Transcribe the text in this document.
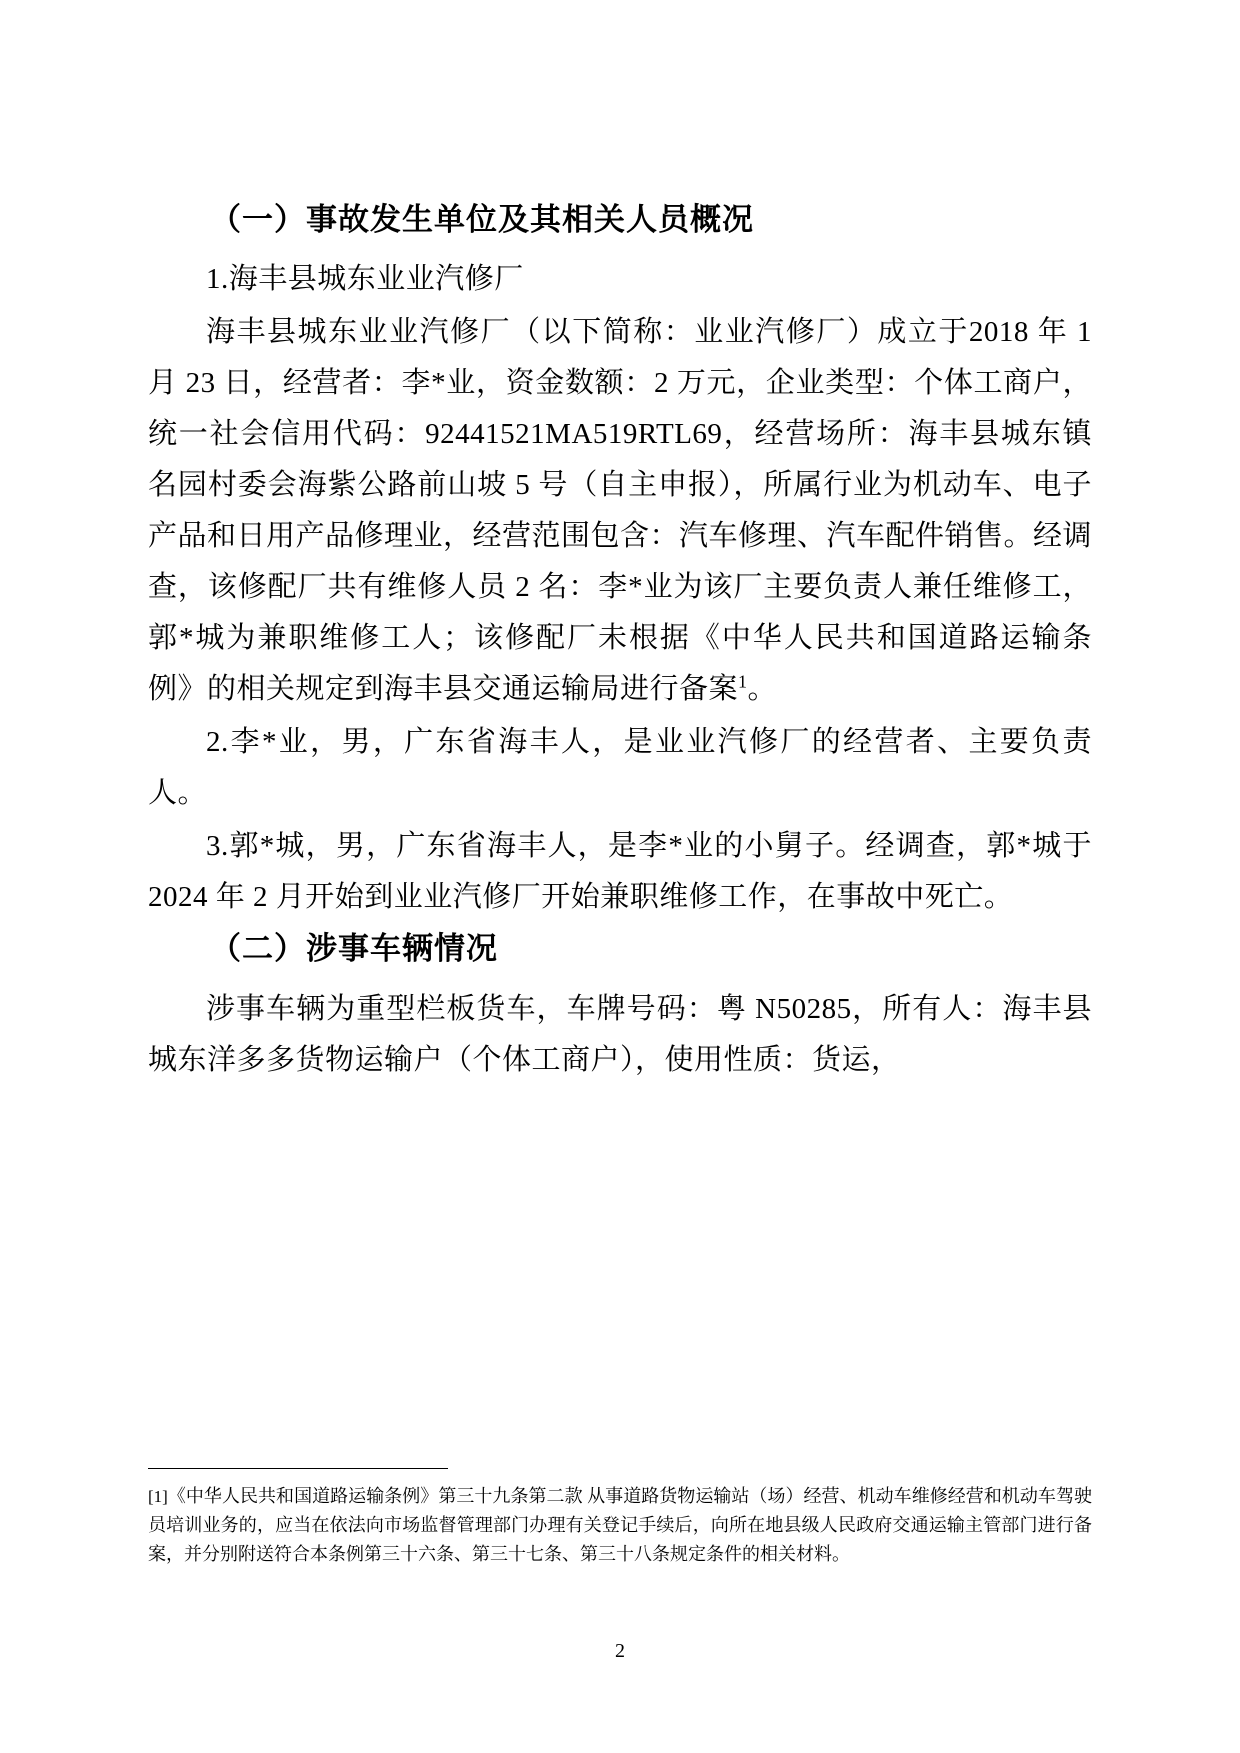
（一）事故发生单位及其相关人员概况

1.海丰县城东业业汽修厂

海丰县城东业业汽修厂（以下简称：业业汽修厂）成立于2018 年 1 月 23 日，经营者：李*业，资金数额：2 万元，企业类型：个体工商户，统一社会信用代码：92441521MA519RTL69，经营场所：海丰县城东镇名园村委会海紫公路前山坡 5 号（自主申报），所属行业为机动车、电子产品和日用产品修理业，经营范围包含：汽车修理、汽车配件销售。经调查，该修配厂共有维修人员 2 名：李*业为该厂主要负责人兼任维修工，郭*城为兼职维修工人；该修配厂未根据《中华人民共和国道路运输条例》的相关规定到海丰县交通运输局进行备案$^1$。

2.李*业，男，广东省海丰人，是业业汽修厂的经营者、主要负责人。

3.郭*城，男，广东省海丰人，是李*业的小舅子。经调查，郭*城于 2024 年 2 月开始到业业汽修厂开始兼职维修工作，在事故中死亡。

（二）涉事车辆情况

涉事车辆为重型栏板货车，车牌号码：粤 N50285，所有人：海丰县城东洋多多货物运输户（个体工商户），使用性质：货运，

[1]《中华人民共和国道路运输条例》第三十九条第二款 从事道路货物运输站（场）经营、机动车维修经营和机动车驾驶员培训业务的，应当在依法向市场监督管理部门办理有关登记手续后，向所在地县级人民政府交通运输主管部门进行备案，并分别附送符合本条例第三十六条、第三十七条、第三十八条规定条件的相关材料。
2
